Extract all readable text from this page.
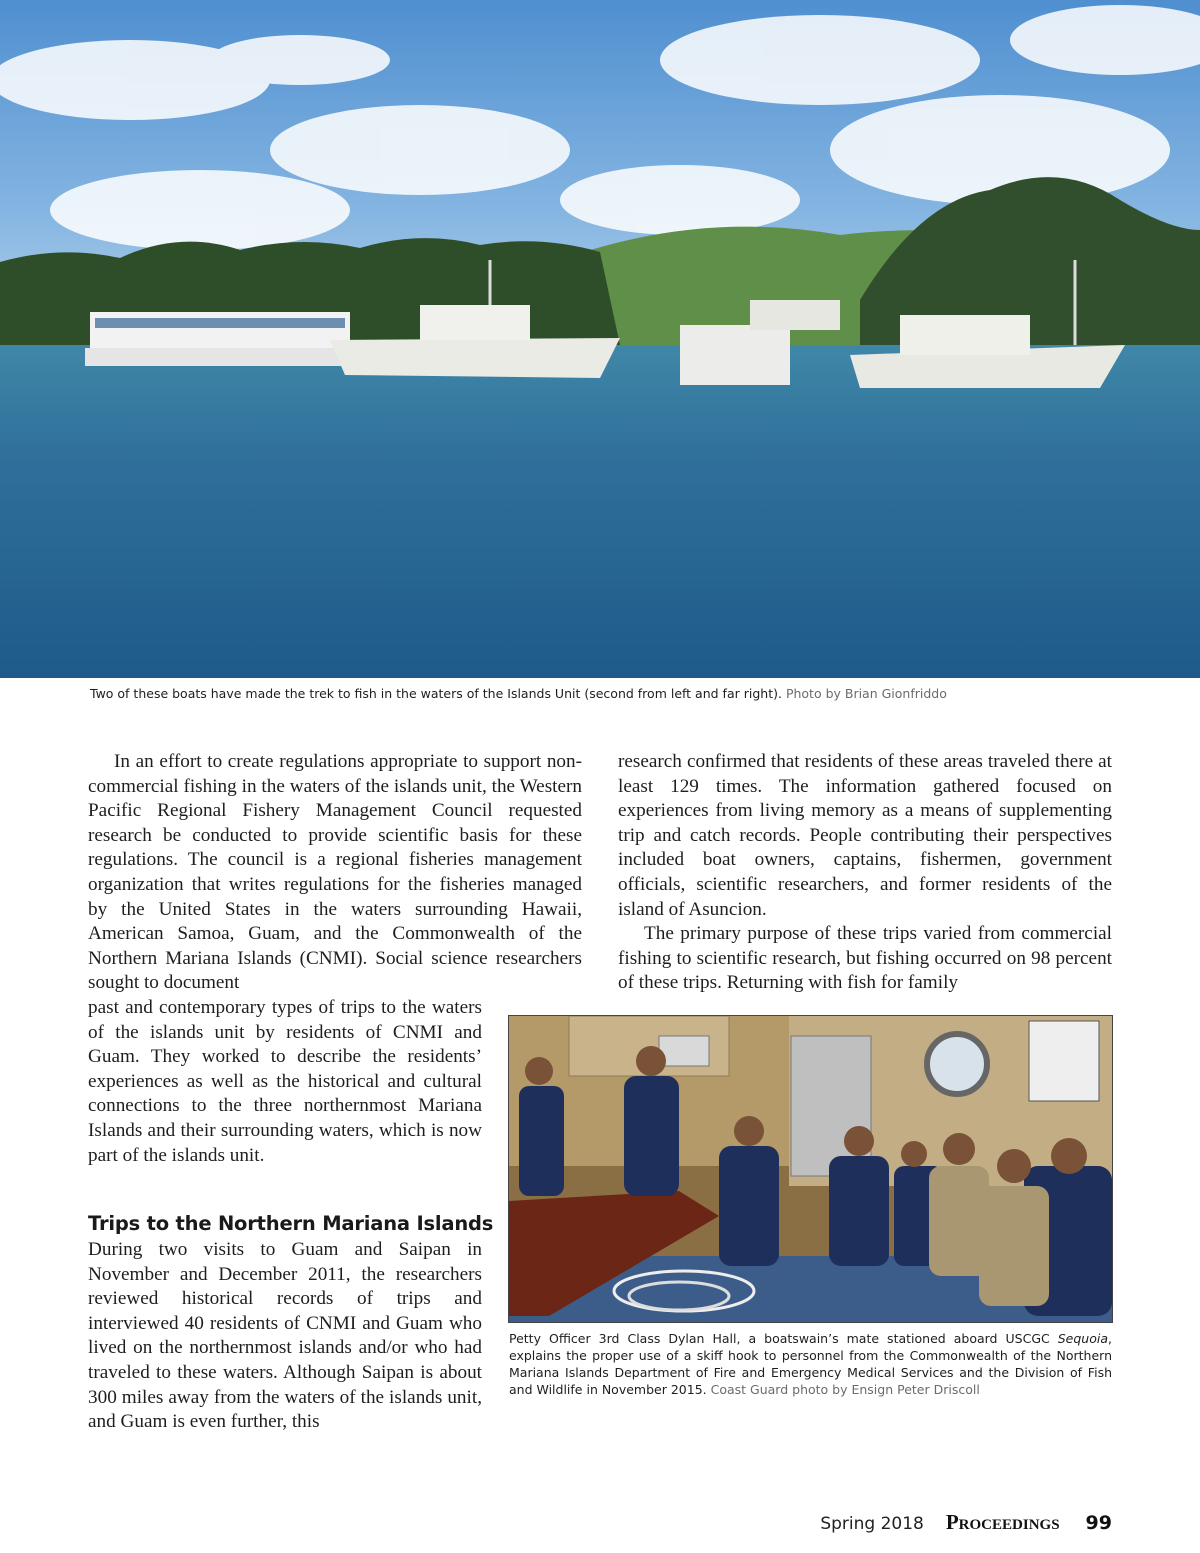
Two of these boats have made the trek to fish in the waters of the Islands Unit (second from left and far right). Photo by Brian Gionfriddo

In an effort to create regulations appropriate to support non-commercial fishing in the waters of the islands unit, the Western Pacific Regional Fishery Management Council requested research be conducted to provide scientific basis for these regulations. The council is a regional fisheries management organization that writes regulations for the fisheries managed by the United States in the waters surrounding Hawaii, American Samoa, Guam, and the Commonwealth of the Northern Mariana Islands (CNMI). Social science researchers sought to document

past and contemporary types of trips to the waters of the islands unit by residents of CNMI and Guam. They worked to describe the residents’ experiences as well as the historical and cultural connections to the three northernmost Mariana Islands and their surrounding waters, which is now part of the islands unit.

Trips to the Northern Mariana Islands

During two visits to Guam and Saipan in November and December 2011, the researchers reviewed historical records of trips and interviewed 40 residents of CNMI and Guam who lived on the northernmost islands and/or who had traveled to these waters. Although Saipan is about 300 miles away from the waters of the islands unit, and Guam is even further, this

research confirmed that residents of these areas traveled there at least 129 times. The information gathered focused on experiences from living memory as a means of supplementing trip and catch records. People contributing their perspectives included boat owners, captains, fishermen, government officials, scientific researchers, and former residents of the island of Asuncion.

The primary purpose of these trips varied from commercial fishing to scientific research, but fishing occurred on 98 percent of these trips. Returning with fish for family

Petty Officer 3rd Class Dylan Hall, a boatswain’s mate stationed aboard USCGC Sequoia, explains the proper use of a skiff hook to personnel from the Commonwealth of the Northern Mariana Islands Department of Fire and Emergency Medical Services and the Division of Fish and Wildlife in November 2015. Coast Guard photo by Ensign Peter Driscoll

Spring 2018 Proceedings 99
